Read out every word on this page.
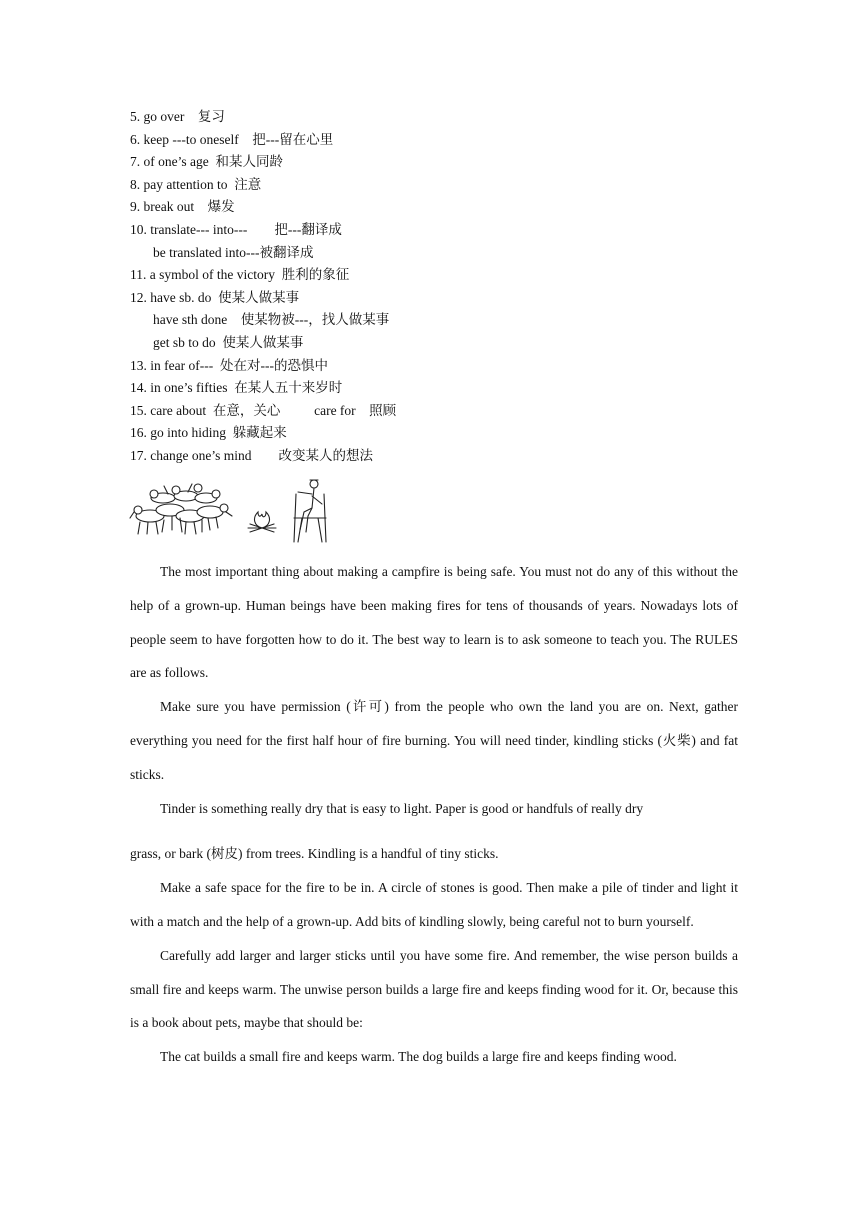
5. go over    复习
6. keep ---to oneself    把---留在心里
7. of one’s age  和某人同龄
8. pay attention to  注意
9. break out    爆发
10. translate--- into---        把---翻译成
be translated into---被翻译成
11. a symbol of the victory  胜利的象征
12. have sb. do  使某人做某事
have sth done    使某物被---，找人做某事
get sb to do  使某人做某事
13. in fear of---  处在对---的恐惧中
14. in one’s fifties  在某人五十来岁时
15. care about  在意，关心          care for    照顾
16. go into hiding  躲藏起来
17. change one’s mind        改变某人的想法

The most important thing about making a campfire is being safe. You must not do any of this without the help of a grown-up. Human beings have been making fires for tens of thousands of years. Nowadays lots of people seem to have forgotten how to do it. The best way to learn is to ask someone to teach you. The RULES are as follows.

Make sure you have permission (许可) from the people who own the land you are on. Next, gather everything you need for the first half hour of fire burning. You will need tinder, kindling sticks (火柴) and fat sticks.

Tinder is something really dry that is easy to light. Paper is good or handfuls of really dry

grass, or bark (树皮) from trees. Kindling is a handful of tiny sticks.

Make a safe space for the fire to be in. A circle of stones is good. Then make a pile of tinder and light it with a match and the help of a grown-up. Add bits of kindling slowly, being careful not to burn yourself.

Carefully add larger and larger sticks until you have some fire. And remember, the wise person builds a small fire and keeps warm. The unwise person builds a large fire and keeps finding wood for it. Or, because this is a book about pets, maybe that should be:

The cat builds a small fire and keeps warm. The dog builds a large fire and keeps finding wood.
